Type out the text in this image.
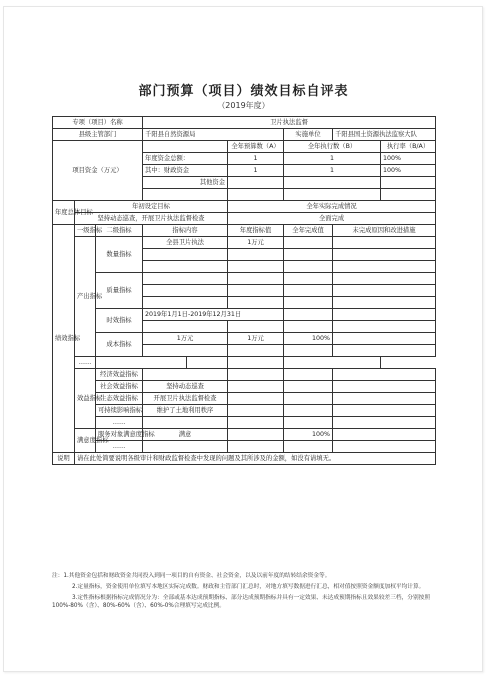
部门预算（项目）绩效目标自评表
（2019年度）
专项（项目）名称			卫片执法监督					
县级主管部门			千阳县自然资源局			实施单位	千阳县国土资源执法监察大队	
项目资金（万元）					全年预算数（A）	全年执行数（B）		执行率（B/A）
			年度资金总额：		1	1		100%
			其中：财政资金		1	1		100%
			其他资金					

年度总体目标	年初设定目标				全年实际完成情况			
	坚持动态巡查，开展卫片执法监督检查				全面完成			
绩效指标	一级指标	二级指标	指标内容		年度指标值	全年完成值	未完成原因和改进措施	
	产出指标	数量指标	全县卫片执法		1万元			

		质量指标						

		时效指标	2019年1月1日-2019年12月31日					

		成本指标	1万元		1万元	100%		

	……							
	效益指标	经济效益指标						
		社会效益指标	坚持动态巡查					
		生态效益指标	开展卫片执法监督检查					
		可持续影响指标	维护了土地利用秩序					
		……						
	满意度指标	服务对象满意度指标	满意			100%		
		……						
说明	请在此处简要说明各级审计和财政监督检查中发现的问题及其所涉及的金额，如没有请填无。							

注：1.其他资金包括和财政资金共同投入到同一项目的自有资金、社会资金，以及以前年度的结转结余资金等。

2.定量指标，资金使用单位填写本地区实际完成数。财政和主管部门汇总时，对地方填写数据进行汇总，相对值按照资金额度加权平均计算。

3.定性指标根据指标完成情况分为：全部或基本达成预期指标、部分达成预期指标并具有一定效果、未达成预期指标且效果较差三档，分别按照100%-80%（含）、80%-60%（含）、60%-0%合理填写完成比例。
